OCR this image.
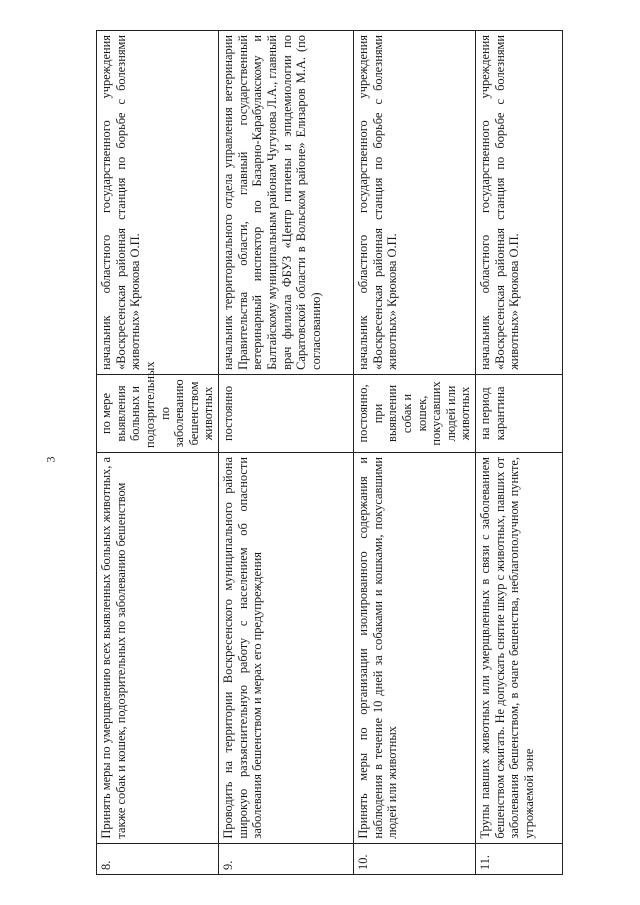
3
8.	Принять меры по умерщвлению всех выявленных больных животных, а также собак и кошек, подозрительных по заболеванию бешенством	по мере выявления больных и подозрительных по заболеванию бешенством животных	начальник областного государственного учреждения «Воскресенская районная станция по борьбе с болезнями животных» Крюкова О.П.
9.	Проводить на территории Воскресенского муниципального района широкую разъяснительную работу с населением об опасности заболевания бешенством и мерах его предупреждения	постоянно	начальник территориального отдела управления ветеринарии Правительства области, главный государственный ветеринарный инспектор по Базарно-Карабулакскому и Балтайскому муниципальным районам Чугунова Л.А., главный врач филиала ФБУЗ «Центр гигиены и эпидемиологии по Саратовской области в Вольском районе» Елизаров М.А. (по согласованию)
10.	Принять меры по организации изолированного содержания и наблюдения в течение 10 дней за собаками и кошками, покусавшими людей или животных	постоянно, при выявлении собак и кошек, покусавших людей или животных	начальник областного государственного учреждения «Воскресенская районная станция по борьбе с болезнями животных» Крюкова О.П.
11.	Трупы павших животных или умерщвленных в связи с заболеванием бешенством сжигать. Не допускать снятие шкур с животных, павших от заболевания бешенством, в очаге бешенства, неблагополучном пункте, угрожаемой зоне	на период карантина	начальник областного государственного учреждения «Воскресенская районная станция по борьбе с болезнями животных» Крюкова О.П.
